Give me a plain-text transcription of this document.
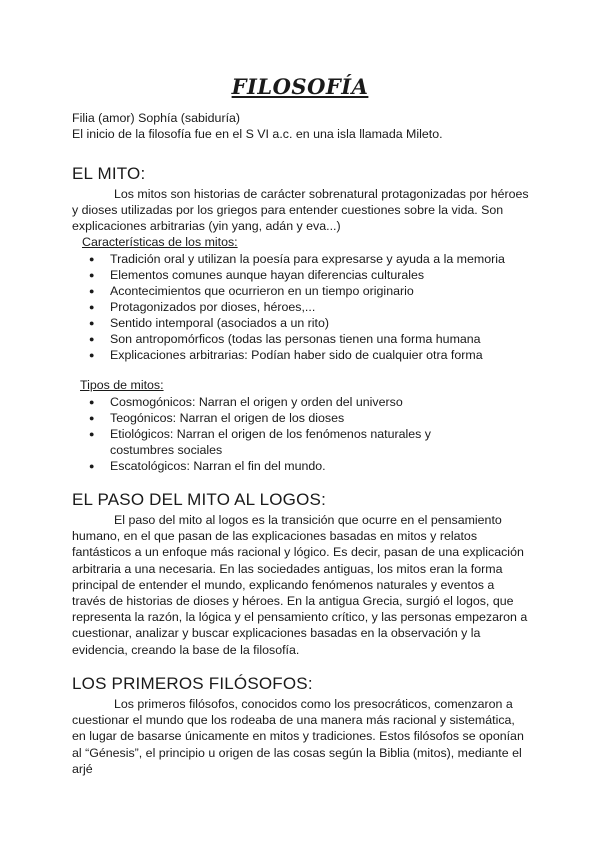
FILOSOFÍA

Filia (amor) Sophía (sabiduría)

El inicio de la filosofía fue en el S VI a.c. en una isla llamada Mileto.

EL MITO:

Los mitos son historias de carácter sobrenatural protagonizadas por héroes y dioses utilizadas por los griegos para entender cuestiones sobre la vida. Son explicaciones arbitrarias (yin yang, adán y eva...)

Características de los mitos:

● Tradición oral y utilizan la poesía para expresarse y ayuda a la memoria
● Elementos comunes aunque hayan diferencias culturales
● Acontecimientos que ocurrieron en un tiempo originario
● Protagonizados por dioses, héroes,...
● Sentido intemporal (asociados a un rito)
● Son antropomórficos (todas las personas tienen una forma humana
● Explicaciones arbitrarias: Podían haber sido de cualquier otra forma

Tipos de mitos:

● Cosmogónicos: Narran el origen y orden del universo
● Teogónicos: Narran el origen de los dioses
● Etiológicos: Narran el origen de los fenómenos naturales y costumbres sociales
● Escatológicos: Narran el fin del mundo.
EL PASO DEL MITO AL LOGOS:

El paso del mito al logos es la transición que ocurre en el pensamiento humano, en el que pasan de las explicaciones basadas en mitos y relatos fantásticos a un enfoque más racional y lógico. Es decir, pasan de una explicación arbitraria a una necesaria. En las sociedades antiguas, los mitos eran la forma principal de entender el mundo, explicando fenómenos naturales y eventos a través de historias de dioses y héroes. En la antigua Grecia, surgió el logos, que representa la razón, la lógica y el pensamiento crítico, y las personas empezaron a cuestionar, analizar y buscar explicaciones basadas en la observación y la evidencia, creando la base de la filosofía.

LOS PRIMEROS FILÓSOFOS:

Los primeros filósofos, conocidos como los presocráticos, comenzaron a cuestionar el mundo que los rodeaba de una manera más racional y sistemática, en lugar de basarse únicamente en mitos y tradiciones. Estos filósofos se oponían al “Génesis”, el principio u origen de las cosas según la Biblia (mitos), mediante el arjé
